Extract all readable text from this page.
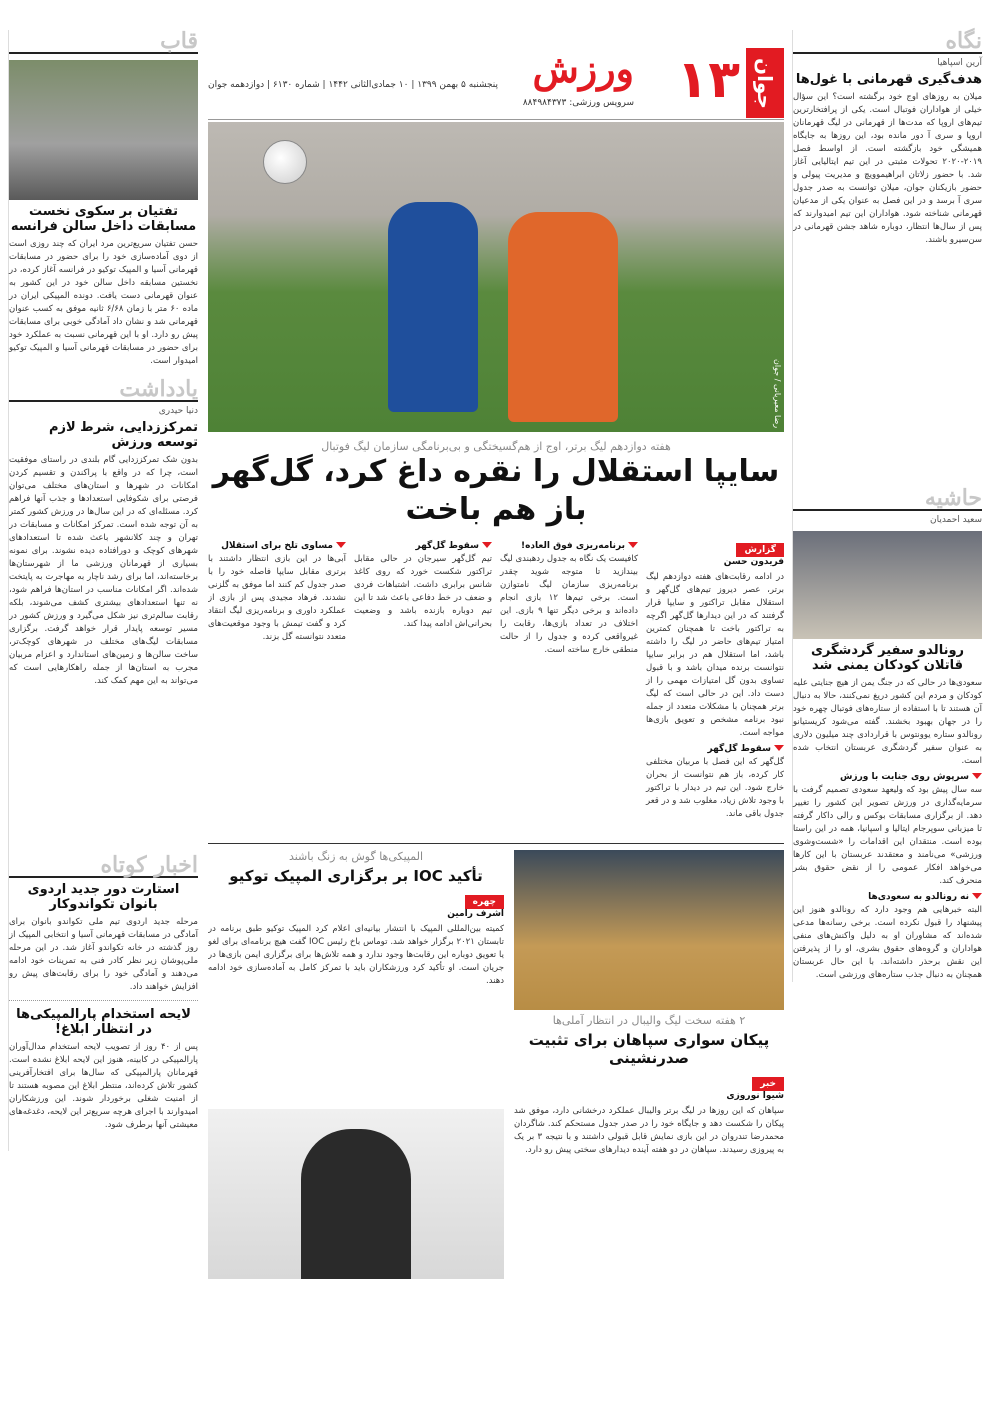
نگاه
آرین اسپاهیا
هدف‌گیری قهرمانی با غول‌ها
میلان به روزهای اوج خود برگشته است؟ این سؤال خیلی از هواداران فوتبال است. یکی از پرافتخارترین تیم‌های اروپا که مدت‌ها از قهرمانی در لیگ قهرمانان اروپا و سری آ دور مانده بود، این روزها به جایگاه همیشگی خود بازگشته است. از اواسط فصل ۲۰۱۹-۲۰۲۰ تحولات مثبتی در این تیم ایتالیایی آغاز شد. با حضور زلاتان ابراهیموویچ و مدیریت پیولی و حضور بازیکنان جوان، میلان توانست به صدر جدول سری آ برسد و در این فصل به عنوان یکی از مدعیان قهرمانی شناخته شود. هواداران این تیم امیدوارند که پس از سال‌ها انتظار، دوباره شاهد جشن قهرمانی در سن‌سیرو باشند.
حاشیه
سعید احمدیان
رونالدو سفیر گردشگری قاتلان کودکان یمنی شد
سعودی‌ها در حالی که در جنگ یمن از هیچ جنایتی علیه کودکان و مردم این کشور دریغ نمی‌کنند، حالا به دنبال آن هستند تا با استفاده از ستاره‌های فوتبال چهره خود را در جهان بهبود بخشند. گفته می‌شود کریستیانو رونالدو ستاره یوونتوس با قراردادی چند میلیون دلاری به عنوان سفیر گردشگری عربستان انتخاب شده است.
سرپوش روی جنایت با ورزش
سه سال پیش بود که ولیعهد سعودی تصمیم گرفت با سرمایه‌گذاری در ورزش تصویر این کشور را تغییر دهد. از برگزاری مسابقات بوکس و رالی داکار گرفته تا میزبانی سوپرجام ایتالیا و اسپانیا، همه در این راستا بوده است. منتقدان این اقدامات را «شست‌وشوی ورزشی» می‌نامند و معتقدند عربستان با این کارها می‌خواهد افکار عمومی را از نقض حقوق بشر منحرف کند.
نه رونالدو به سعودی‌ها
البته خبرهایی هم وجود دارد که رونالدو هنوز این پیشنهاد را قبول نکرده است. برخی رسانه‌ها مدعی شده‌اند که مشاوران او به دلیل واکنش‌های منفی هواداران و گروه‌های حقوق بشری، او را از پذیرفتن این نقش برحذر داشته‌اند. با این حال عربستان همچنان به دنبال جذب ستاره‌های ورزشی است.
جوان
۱۳
ورزش
سرویس ورزشی: ۸۸۴۹۸۴۳۷۳
پنجشنبه ۵ بهمن ۱۳۹۹ | ۱۰ جمادی‌الثانی ۱۴۴۲ | شماره ۶۱۳۰ | دوازدهمه جوان
رضا معیریانی / جوان
هفته دوازدهم لیگ برتر، اوج از هم‌گسیختگی و بی‌برنامگی سازمان لیگ فوتبال
سایپا استقلال را نقره داغ کرد، گل‌گهر باز هم باخت
گزارش
فریدون حسن
در ادامه رقابت‌های هفته دوازدهم لیگ برتر، عصر دیروز تیم‌های گل‌گهر و استقلال مقابل تراکتور و سایپا قرار گرفتند که در این دیدارها گل‌گهر اگرچه به تراکتور باخت تا همچنان کمترین امتیاز تیم‌های حاضر در لیگ را داشته باشد، اما استقلال هم در برابر سایپا نتوانست برنده میدان باشد و با قبول تساوی بدون گل امتیازات مهمی را از دست داد. این در حالی است که لیگ برتر همچنان با مشکلات متعدد از جمله نبود برنامه مشخص و تعویق بازی‌ها مواجه است.
سقوط گل‌گهر
گل‌گهر که این فصل با مربیان مختلفی کار کرده، باز هم نتوانست از بحران خارج شود. این تیم در دیدار با تراکتور با وجود تلاش زیاد، مغلوب شد و در قعر جدول باقی ماند.
برنامه‌ریزی فوق العاده!
کافیست یک نگاه به جدول ردهبندی لیگ بیندازید تا متوجه شوید چقدر برنامه‌ریزی سازمان لیگ نامتوازن است. برخی تیم‌ها ۱۲ بازی انجام داده‌اند و برخی دیگر تنها ۹ بازی. این اختلاف در تعداد بازی‌ها، رقابت را غیرواقعی کرده و جدول را از حالت منطقی خارج ساخته است.
سقوط گل‌گهر
تیم گل‌گهر سیرجان در حالی مقابل تراکتور شکست خورد که روی کاغذ شانس برابری داشت. اشتباهات فردی و ضعف در خط دفاعی باعث شد تا این تیم دوباره بازنده باشد و وضعیت بحرانی‌اش ادامه پیدا کند.
مساوی تلخ برای استقلال
آبی‌ها در این بازی انتظار داشتند با برتری مقابل سایپا فاصله خود را با صدر جدول کم کنند اما موفق به گلزنی نشدند. فرهاد مجیدی پس از بازی از عملکرد داوری و برنامه‌ریزی لیگ انتقاد کرد و گفت تیمش با وجود موقعیت‌های متعدد نتوانسته گل بزند.
۲ هفته سخت لیگ والیبال در انتظار آملی‌ها
پیکان سواری سپاهان برای تثبیت صدرنشینی
خبر
شیوا نوروزی
سپاهان که این روزها در لیگ برتر والیبال عملکرد درخشانی دارد، موفق شد پیکان را شکست دهد و جایگاه خود را در صدر جدول مستحکم کند. شاگردان محمدرضا تندروان در این بازی نمایش قابل قبولی داشتند و با نتیجه ۳ بر یک به پیروزی رسیدند. سپاهان در دو هفته آینده دیدارهای سختی پیش رو دارد.
المپیکی‌ها گوش به زنگ باشند
تأکید IOC بر برگزاری المپیک توکیو
چهره
اشرف رامین
کمیته بین‌المللی المپیک با انتشار بیانیه‌ای اعلام کرد المپیک توکیو طبق برنامه در تابستان ۲۰۲۱ برگزار خواهد شد. توماس باخ رئیس IOC گفت هیچ برنامه‌ای برای لغو یا تعویق دوباره این رقابت‌ها وجود ندارد و همه تلاش‌ها برای برگزاری ایمن بازی‌ها در جریان است. او تأکید کرد ورزشکاران باید با تمرکز کامل به آماده‌سازی خود ادامه دهند.
قاب
تفتیان بر سکوی نخست مسابقات داخل سالن فرانسه
حسن تفتیان سریع‌ترین مرد ایران که چند روزی است از دوی آماده‌سازی خود را برای حضور در مسابقات قهرمانی آسیا و المپیک توکیو در فرانسه آغاز کرده، در نخستین مسابقه داخل سالن خود در این کشور به عنوان قهرمانی دست یافت. دونده المپیکی ایران در ماده ۶۰ متر با زمان ۶/۶۸ ثانیه موفق به کسب عنوان قهرمانی شد و نشان داد آمادگی خوبی برای مسابقات پیش رو دارد. او با این قهرمانی نسبت به عملکرد خود برای حضور در مسابقات قهرمانی آسیا و المپیک توکیو امیدوار است.
یادداشت
دنیا حیدری
تمرکززدایی، شرط لازم توسعه ورزش
بدون شک تمرکززدایی گام بلندی در راستای موفقیت است، چرا که در واقع با پراکندن و تقسیم کردن امکانات در شهرها و استان‌های مختلف می‌توان فرصتی برای شکوفایی استعدادها و جذب آنها فراهم کرد. مسئله‌ای که در این سال‌ها در ورزش کشور کمتر به آن توجه شده است. تمرکز امکانات و مسابقات در تهران و چند کلانشهر باعث شده تا استعدادهای شهرهای کوچک و دورافتاده دیده نشوند. برای نمونه بسیاری از قهرمانان ورزشی ما از شهرستان‌ها برخاسته‌اند، اما برای رشد ناچار به مهاجرت به پایتخت شده‌اند. اگر امکانات مناسب در استان‌ها فراهم شود، نه تنها استعدادهای بیشتری کشف می‌شوند، بلکه رقابت سالم‌تری نیز شکل می‌گیرد و ورزش کشور در مسیر توسعه پایدار قرار خواهد گرفت. برگزاری مسابقات لیگ‌های مختلف در شهرهای کوچک‌تر، ساخت سالن‌ها و زمین‌های استاندارد و اعزام مربیان مجرب به استان‌ها از جمله راهکارهایی است که می‌تواند به این مهم کمک کند.
اخبار کوتاه
استارت دور جدید اردوی بانوان تکواندوکار
مرحله جدید اردوی تیم ملی تکواندو بانوان برای آمادگی در مسابقات قهرمانی آسیا و انتخابی المپیک از روز گذشته در خانه تکواندو آغاز شد. در این مرحله ملی‌پوشان زیر نظر کادر فنی به تمرینات خود ادامه می‌دهند و آمادگی خود را برای رقابت‌های پیش رو افزایش خواهند داد.
لایحه استخدام پارالمپیکی‌ها در انتظار ابلاغ!
پس از ۴۰ روز از تصویب لایحه استخدام مدال‌آوران پارالمپیکی در کابینه، هنوز این لایحه ابلاغ نشده است. قهرمانان پارالمپیکی که سال‌ها برای افتخارآفرینی کشور تلاش کرده‌اند، منتظر ابلاغ این مصوبه هستند تا از امنیت شغلی برخوردار شوند. این ورزشکاران امیدوارند با اجرای هرچه سریع‌تر این لایحه، دغدغه‌های معیشتی آنها برطرف شود.
